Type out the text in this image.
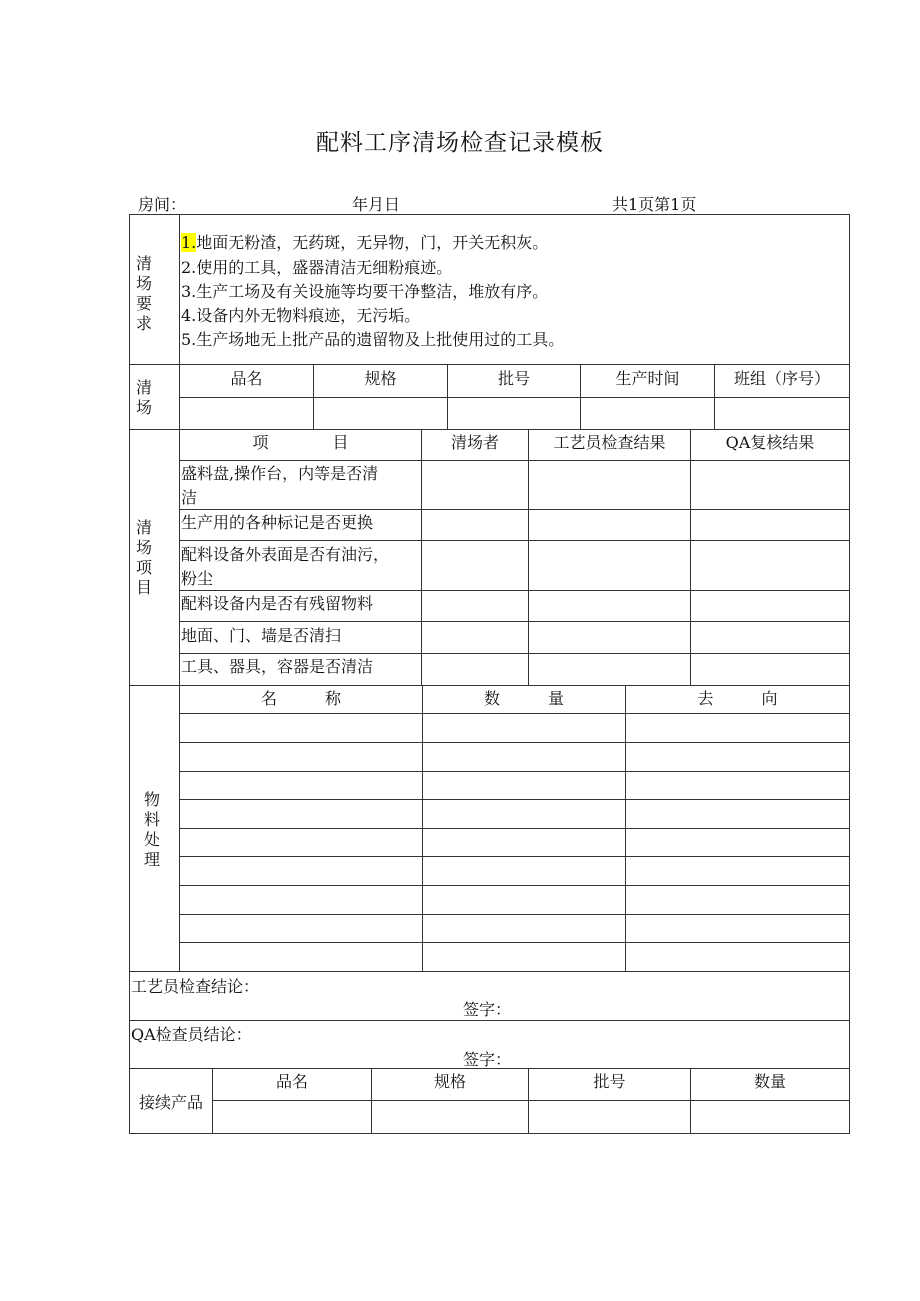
配料工序清场检查记录模板
房间：	年月日	共1页第1页
清场要求
1.地面无粉渣，无药斑，无异物，门，开关无积灰。
2.使用的工具，盛器清洁无细粉痕迹。
3.生产工场及有关设施等均要干净整洁，堆放有序。
4.设备内外无物料痕迹，无污垢。
5.生产场地无上批产品的遗留物及上批使用过的工具。
清场
品名	规格	批号	生产时间	班组（序号）
清场项目
项　　　　目	清场者	工艺员检查结果	QA复核结果
盛料盘,操作台，内等是否清
洁
生产用的各种标记是否更换
配料设备外表面是否有油污，
粉尘
配料设备内是否有残留物料
地面、门、墙是否清扫
工具、器具，容器是否清洁
物料处理
名　　　称	数　　　量	去　　　向
工艺员检查结论：
签字：
QA检查员结论：
签字：
接续产品
品名	规格	批号	数量
